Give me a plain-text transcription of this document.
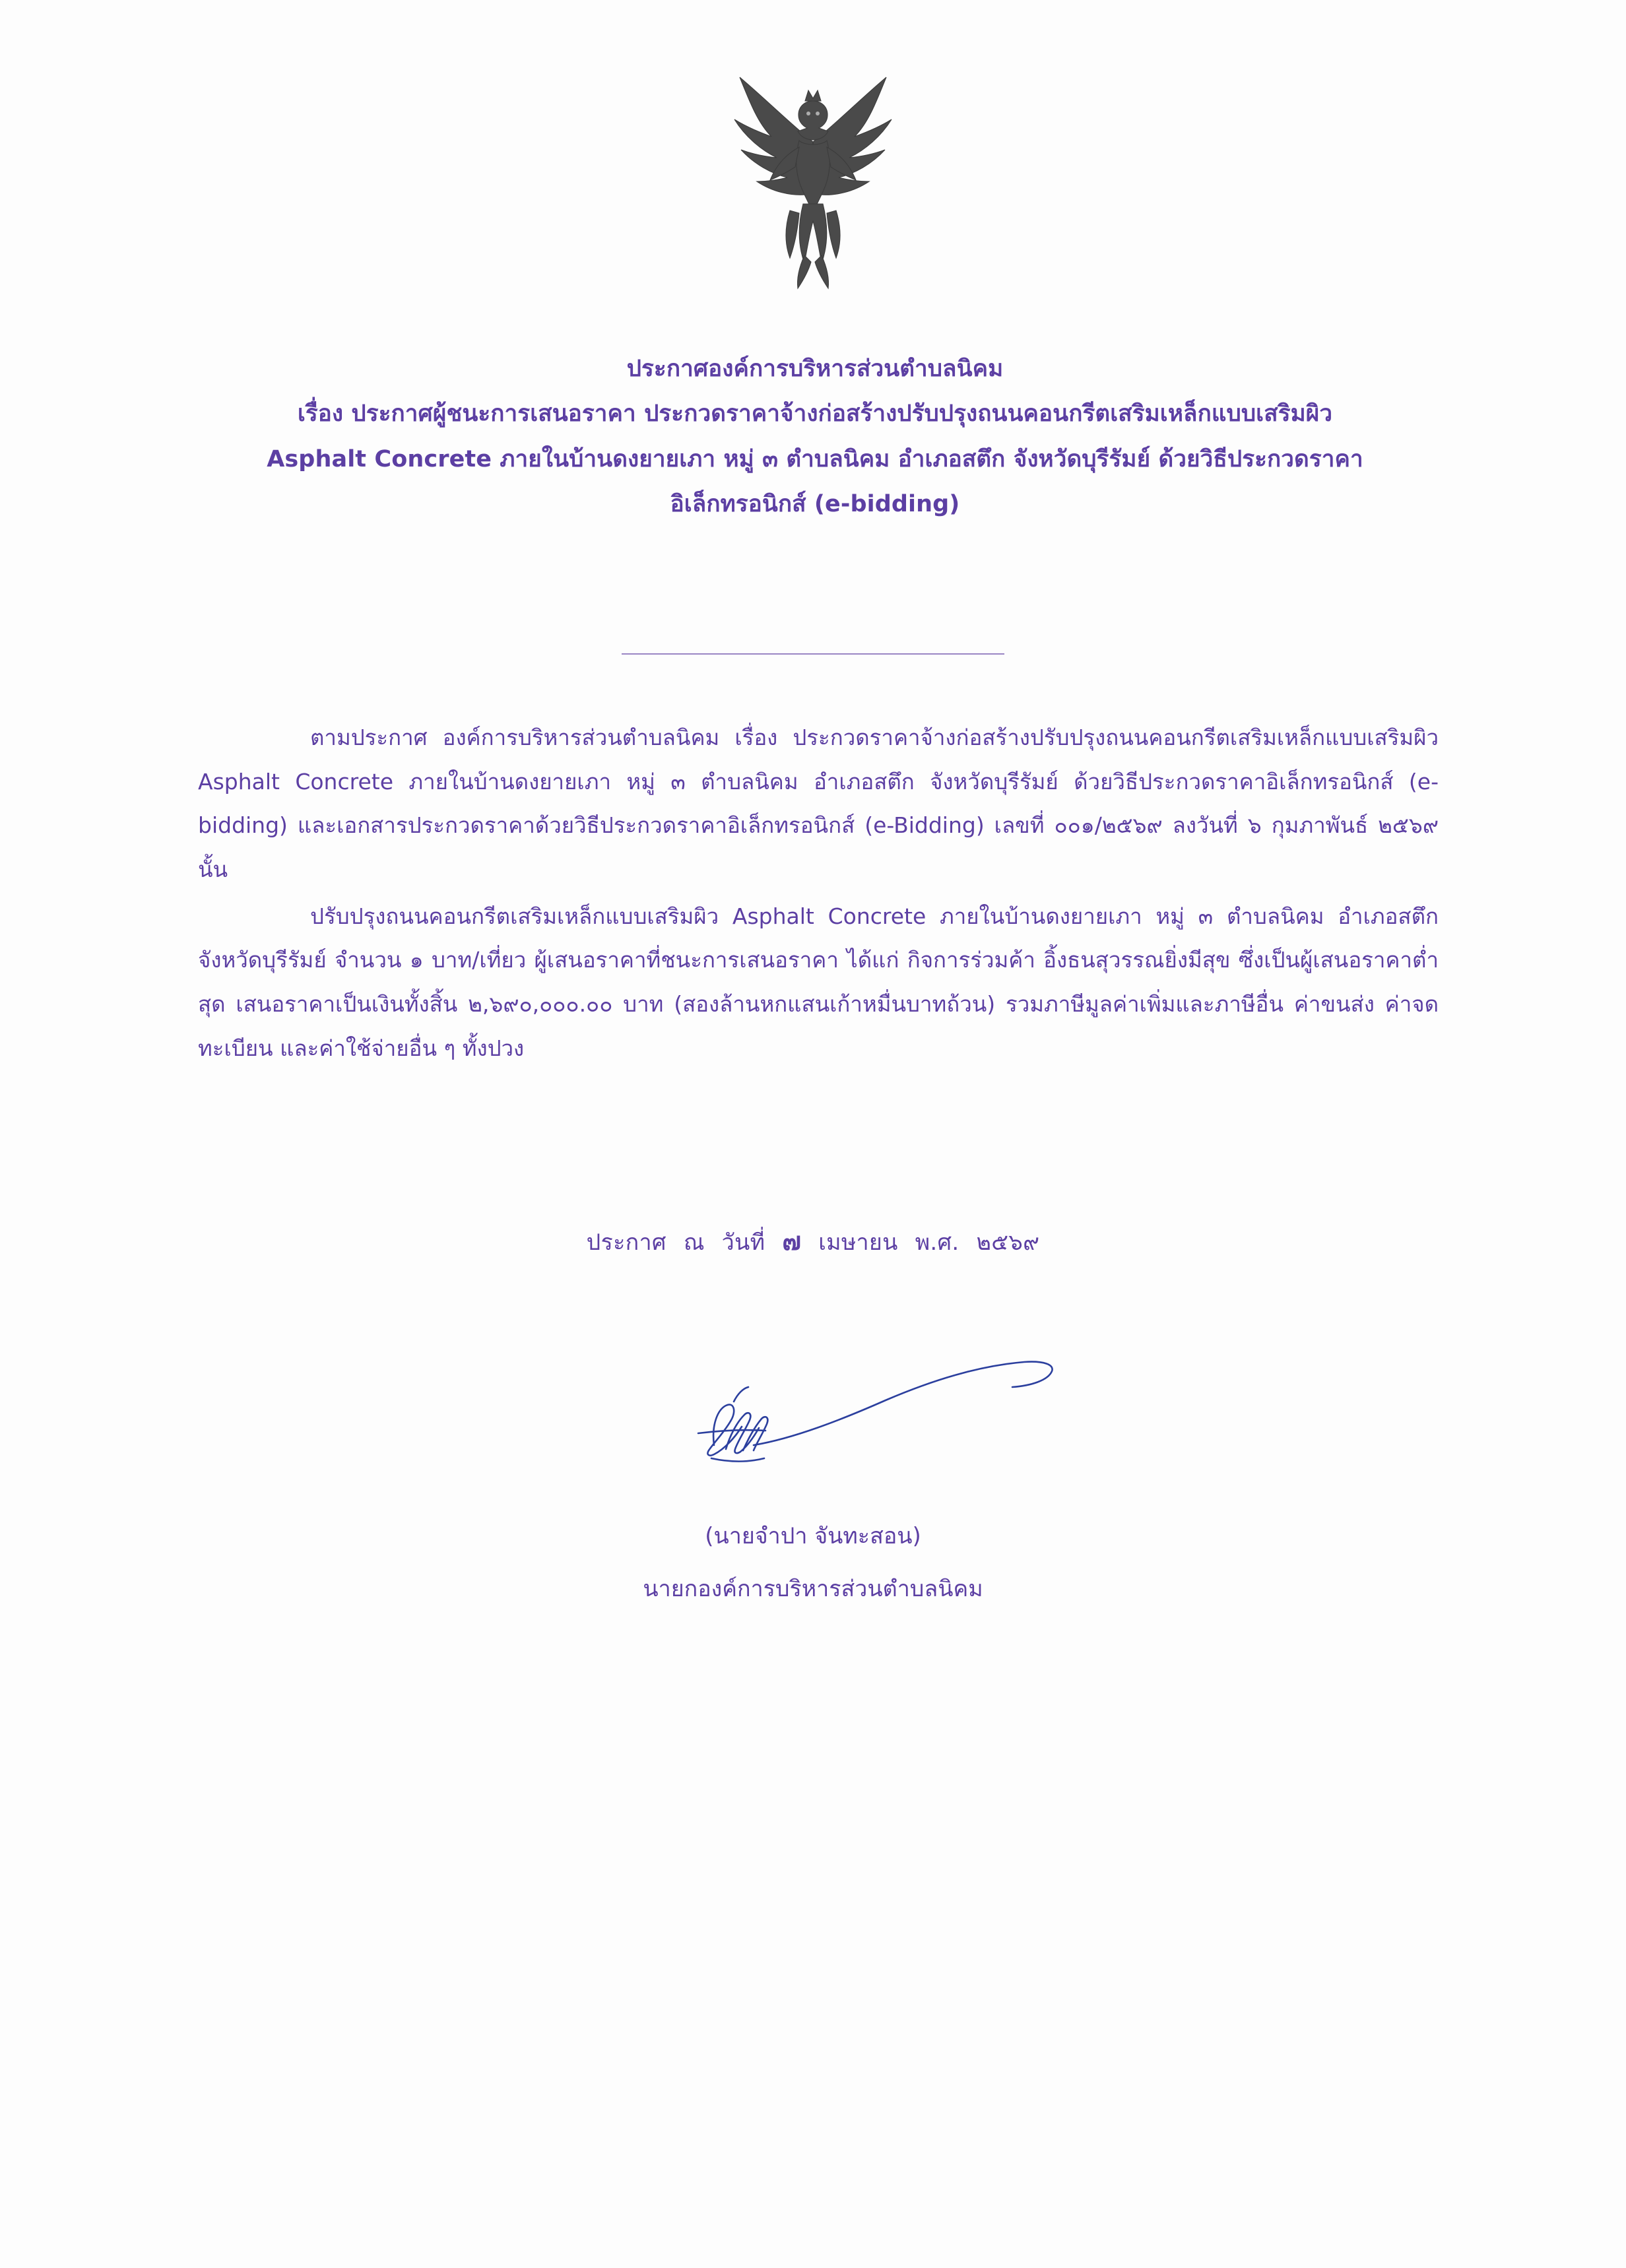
ประกาศองค์การบริหารส่วนตำบลนิคม
เรื่อง ประกาศผู้ชนะการเสนอราคา ประกวดราคาจ้างก่อสร้างปรับปรุงถนนคอนกรีตเสริมเหล็กแบบเสริมผิว
Asphalt Concrete ภายในบ้านดงยายเภา หมู่ ๓ ตำบลนิคม อำเภอสตึก จังหวัดบุรีรัมย์ ด้วยวิธีประกวดราคา
อิเล็กทรอนิกส์ (e-bidding)

ตามประกาศ องค์การบริหารส่วนตำบลนิคม เรื่อง ประกวดราคาจ้างก่อสร้างปรับปรุงถนนคอนกรีตเสริมเหล็กแบบเสริมผิว Asphalt Concrete ภายในบ้านดงยายเภา หมู่ ๓ ตำบลนิคม อำเภอสตึก จังหวัดบุรีรัมย์ ด้วยวิธีประกวดราคาอิเล็กทรอนิกส์ (e-bidding) และเอกสารประกวดราคาด้วยวิธีประกวดราคาอิเล็กทรอนิกส์ (e-Bidding) เลขที่ ๐๐๑/๒๕๖๙ ลงวันที่ ๖ กุมภาพันธ์ ๒๕๖๙ นั้น

ปรับปรุงถนนคอนกรีตเสริมเหล็กแบบเสริมผิว Asphalt Concrete ภายในบ้านดงยายเภา หมู่ ๓ ตำบลนิคม อำเภอสตึก จังหวัดบุรีรัมย์ จำนวน ๑ บาท/เที่ยว ผู้เสนอราคาที่ชนะการเสนอราคา ได้แก่ กิจการร่วมค้า อิ้งธนสุวรรณยิ่งมีสุข ซึ่งเป็นผู้เสนอราคาต่ำสุด เสนอราคาเป็นเงินทั้งสิ้น ๒,๖๙๐,๐๐๐.๐๐ บาท (สองล้านหกแสนเก้าหมื่นบาทถ้วน) รวมภาษีมูลค่าเพิ่มและภาษีอื่น ค่าขนส่ง ค่าจดทะเบียน และค่าใช้จ่ายอื่น ๆ ทั้งปวง

ประกาศ ณ วันที่ ๗ เมษายน พ.ศ. ๒๕๖๙
(นายจำปา จันทะสอน)
นายกองค์การบริหารส่วนตำบลนิคม
